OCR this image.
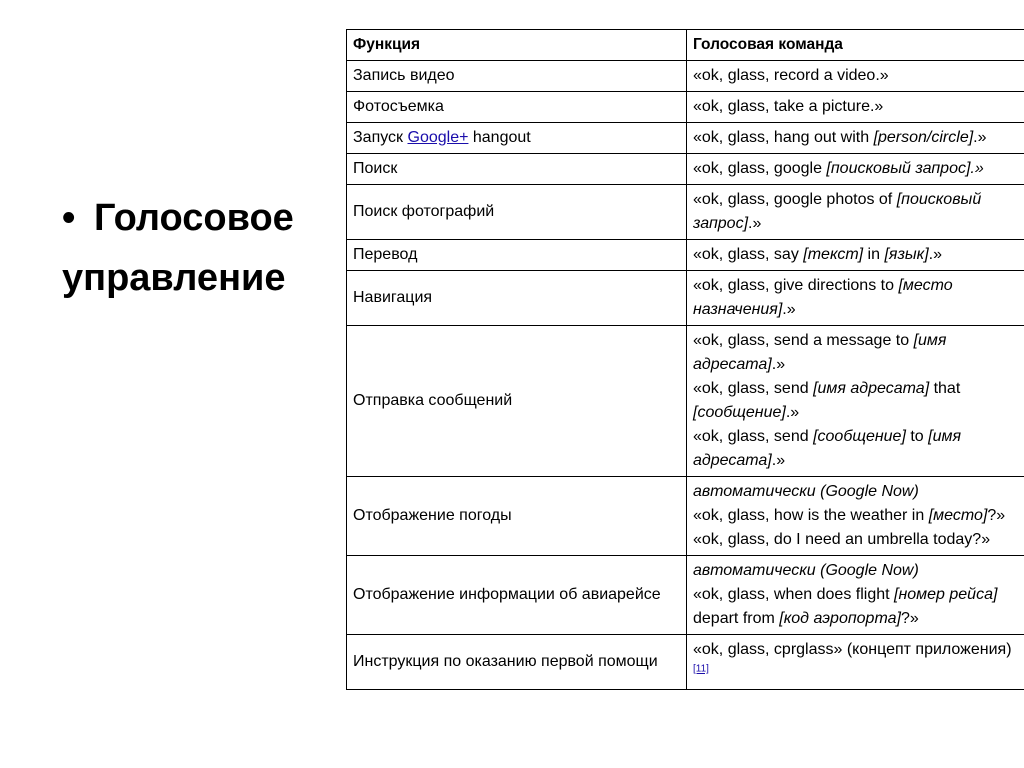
• Голосовое
управление
Функция	Голосовая команда
Запись видео	«ok, glass, record a video.»
Фотосъемка	«ok, glass, take a picture.»
Запуск Google+ hangout	«ok, glass, hang out with [person/circle].»
Поиск	«ok, glass, google [поисковый запрос].»
Поиск фотографий	«ok, glass, google photos of [поисковый запрос].»
Перевод	«ok, glass, say [текст] in [язык].»
Навигация	«ok, glass, give directions to [место назначения].»
Отправка сообщений	«ok, glass, send a message to [имя адресата].»
«ok, glass, send [имя адресата] that [сообщение].»
«ok, glass, send [сообщение] to [имя адресата].»

Отображение погоды	автоматически (Google Now)
«ok, glass, how is the weather in [место]?»
«ok, glass, do I need an umbrella today?»

Отображение информации об авиарейсе	автоматически (Google Now)
«ok, glass, when does flight [номер рейса] depart from [код аэропорта]?»

Инструкция по оказанию первой помощи	«ok, glass, cprglass» (концепт приложения)[11]
